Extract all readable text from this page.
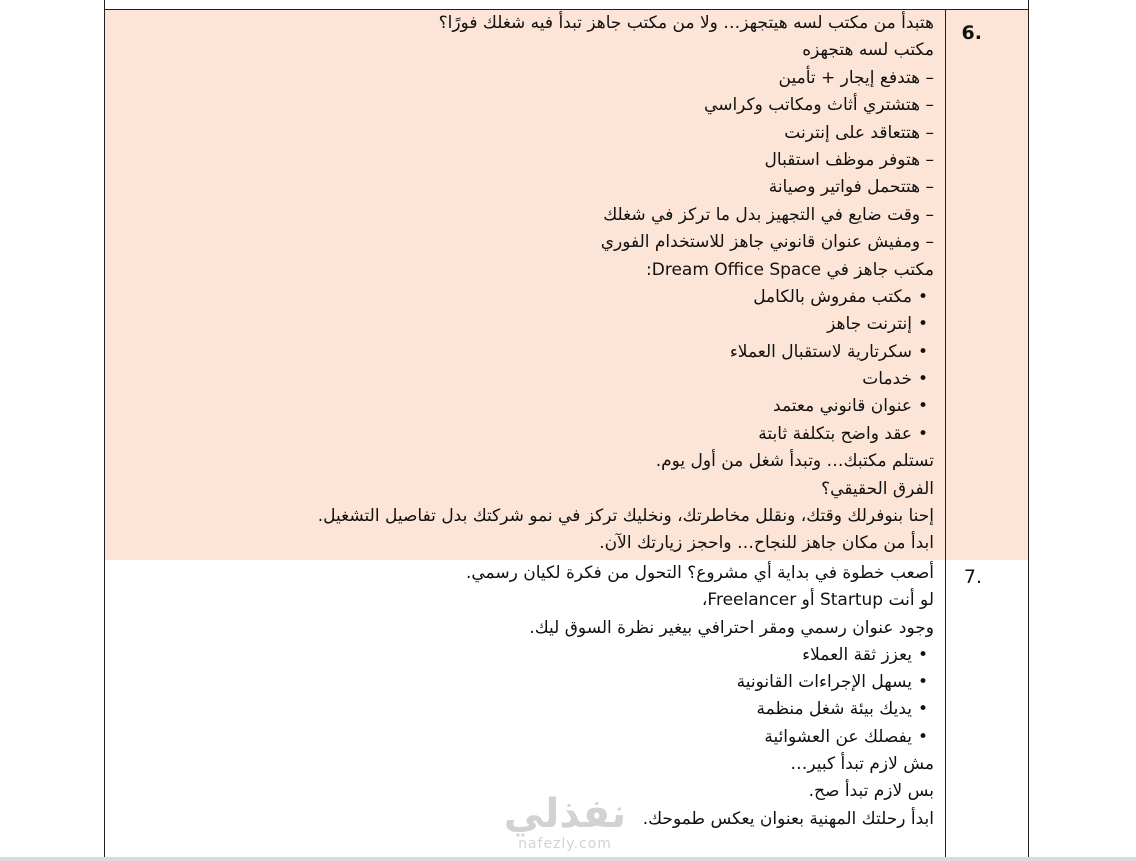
6.
هتبدأ من مكتب لسه هيتجهز… ولا من مكتب جاهز تبدأ فيه شغلك فورًا؟
مكتب لسه هتجهزه
– هتدفع إيجار + تأمين
– هتشتري أثاث ومكاتب وكراسي
– هتتعاقد على إنترنت
– هتوفر موظف استقبال
– هتتحمل فواتير وصيانة
– وقت ضايع في التجهيز بدل ما تركز في شغلك
– ومفيش عنوان قانوني جاهز للاستخدام الفوري
مكتب جاهز في Dream Office Space:
• مكتب مفروش بالكامل
• إنترنت جاهز
• سكرتارية لاستقبال العملاء
• خدمات
• عنوان قانوني معتمد
• عقد واضح بتكلفة ثابتة
تستلم مكتبك… وتبدأ شغل من أول يوم.
الفرق الحقيقي؟
إحنا بنوفرلك وقتك، ونقلل مخاطرتك، ونخليك تركز في نمو شركتك بدل تفاصيل التشغيل.
ابدأ من مكان جاهز للنجاح… واحجز زيارتك الآن.
7.
أصعب خطوة في بداية أي مشروع؟ التحول من فكرة لكيان رسمي.
لو أنت Startup أو Freelancer،
وجود عنوان رسمي ومقر احترافي بيغير نظرة السوق ليك.
• يعزز ثقة العملاء
• يسهل الإجراءات القانونية
• يديك بيئة شغل منظمة
• يفصلك عن العشوائية
مش لازم تبدأ كبير…
بس لازم تبدأ صح.
ابدأ رحلتك المهنية بعنوان يعكس طموحك.
نفذلي
nafezly.com
